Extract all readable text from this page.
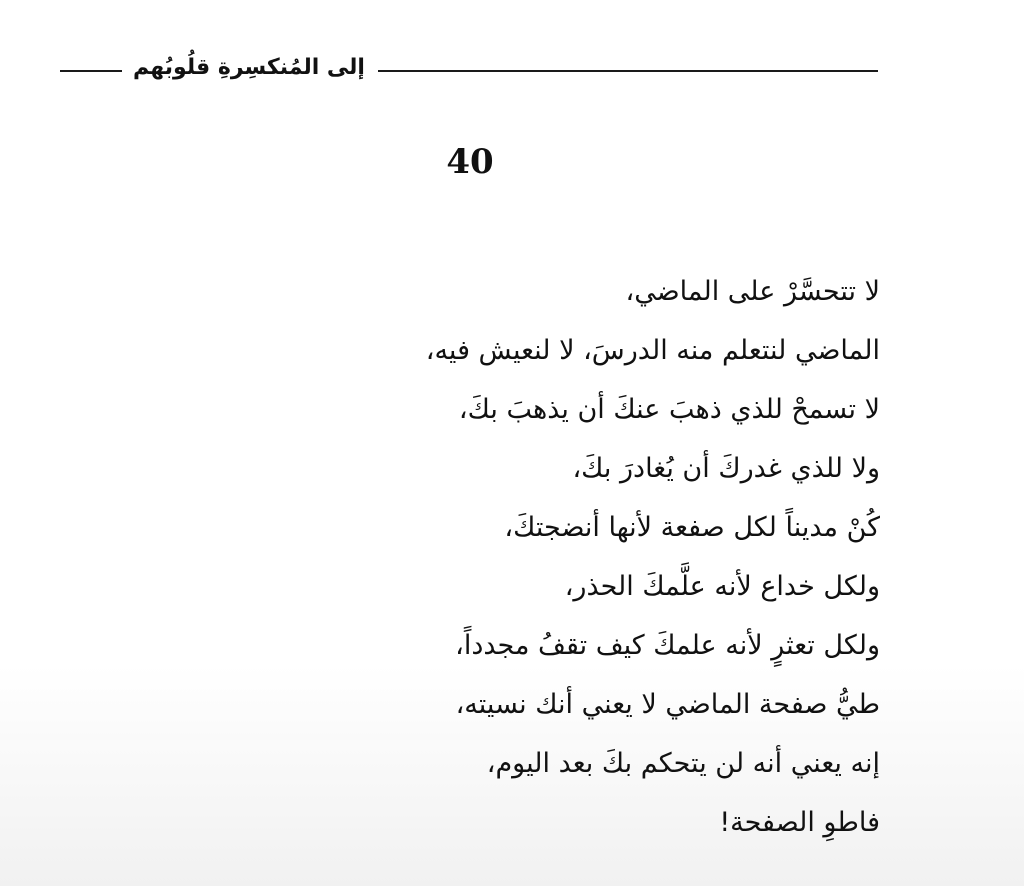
إلى المُنكسِرةِ قلُوبُهم
40
لا تتحسَّرْ على الماضي،
الماضي لنتعلم منه الدرسَ، لا لنعيش فيه،
لا تسمحْ للذي ذهبَ عنكَ أن يذهبَ بكَ،
ولا للذي غدركَ أن يُغادرَ بكَ،
كُنْ مديناً لكل صفعة لأنها أنضجتكَ،
ولكل خداع لأنه علَّمكَ الحذر،
ولكل تعثرٍ لأنه علمكَ كيف تقفُ مجدداً،
طيُّ صفحة الماضي لا يعني أنك نسيته،
إنه يعني أنه لن يتحكم بكَ بعد اليوم،
فاطوِ الصفحة!
